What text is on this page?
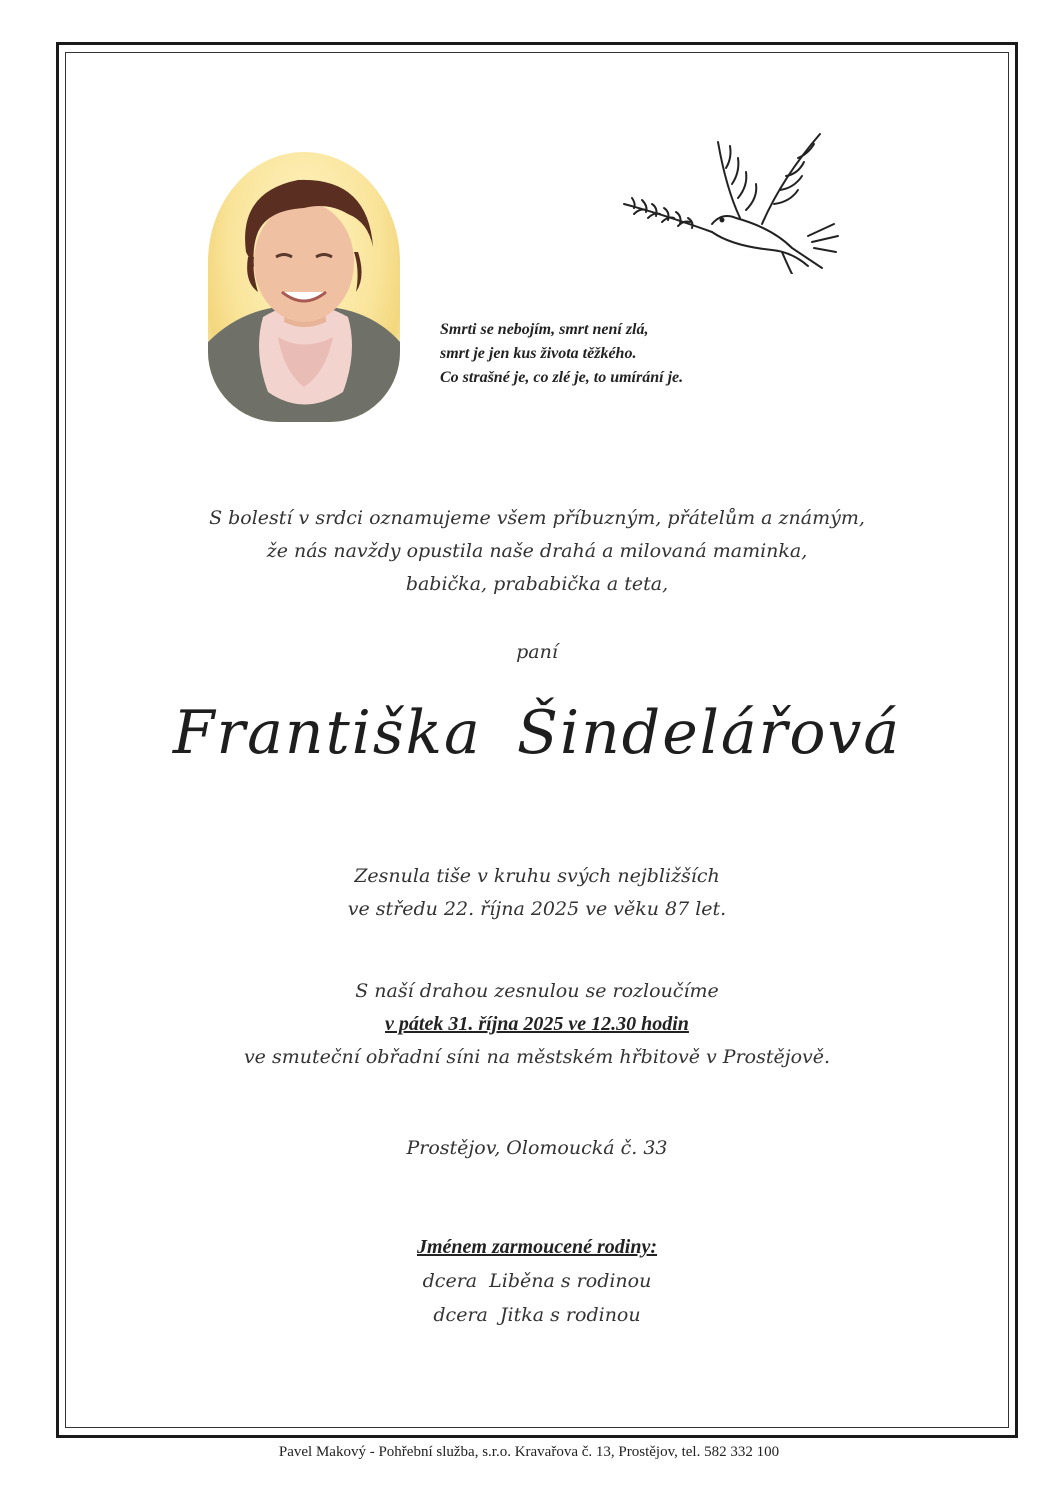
Smrti se nebojím, smrt není zlá,
smrt je jen kus života těžkého.
Co strašné je, co zlé je, to umírání je.
S bolestí v srdci oznamujeme všem příbuzným, přátelům a známým,
že nás navždy opustila naše drahá a milovaná maminka,
babička, prababička a teta,
paní
Františka Šindelářová
Zesnula tiše v kruhu svých nejbližších
ve středu 22. října 2025 ve věku 87 let.
S naší drahou zesnulou se rozloučíme
v pátek 31. října 2025 ve 12.30 hodin
ve smuteční obřadní síni na městském hřbitově v Prostějově.
Prostějov, Olomoucká č. 33
Jménem zarmoucené rodiny:
dcera  Liběna s rodinou
dcera  Jitka s rodinou
Pavel Makový - Pohřební služba, s.r.o. Kravařova č. 13, Prostějov, tel. 582 332 100
